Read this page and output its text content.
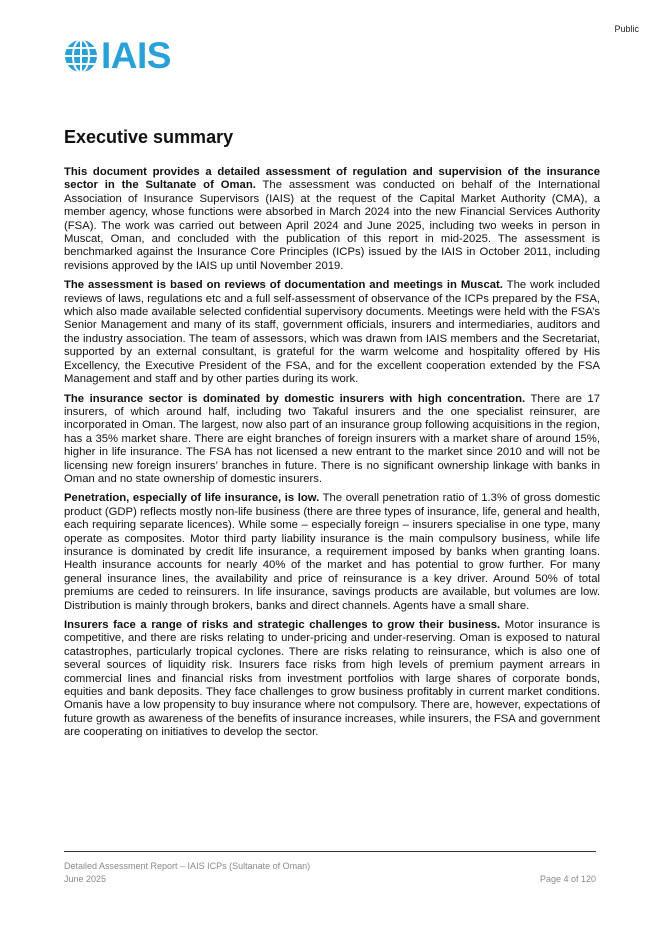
Public
IAIS
Executive summary

This document provides a detailed assessment of regulation and supervision of the insurance sector in the Sultanate of Oman. The assessment was conducted on behalf of the International Association of Insurance Supervisors (IAIS) at the request of the Capital Market Authority (CMA), a member agency, whose functions were absorbed in March 2024 into the new Financial Services Authority (FSA). The work was carried out between April 2024 and June 2025, including two weeks in person in Muscat, Oman, and concluded with the publication of this report in mid-2025. The assessment is benchmarked against the Insurance Core Principles (ICPs) issued by the IAIS in October 2011, including revisions approved by the IAIS up until November 2019.

The assessment is based on reviews of documentation and meetings in Muscat. The work included reviews of laws, regulations etc and a full self-assessment of observance of the ICPs prepared by the FSA, which also made available selected confidential supervisory documents. Meetings were held with the FSA’s Senior Management and many of its staff, government officials, insurers and intermediaries, auditors and the industry association. The team of assessors, which was drawn from IAIS members and the Secretariat, supported by an external consultant, is grateful for the warm welcome and hospitality offered by His Excellency, the Executive President of the FSA, and for the excellent cooperation extended by the FSA Management and staff and by other parties during its work.

The insurance sector is dominated by domestic insurers with high concentration. There are 17 insurers, of which around half, including two Takaful insurers and the one specialist reinsurer, are incorporated in Oman. The largest, now also part of an insurance group following acquisitions in the region, has a 35% market share. There are eight branches of foreign insurers with a market share of around 15%, higher in life insurance. The FSA has not licensed a new entrant to the market since 2010 and will not be licensing new foreign insurers’ branches in future. There is no significant ownership linkage with banks in Oman and no state ownership of domestic insurers.

Penetration, especially of life insurance, is low. The overall penetration ratio of 1.3% of gross domestic product (GDP) reflects mostly non-life business (there are three types of insurance, life, general and health, each requiring separate licences). While some – especially foreign – insurers specialise in one type, many operate as composites. Motor third party liability insurance is the main compulsory business, while life insurance is dominated by credit life insurance, a requirement imposed by banks when granting loans. Health insurance accounts for nearly 40% of the market and has potential to grow further. For many general insurance lines, the availability and price of reinsurance is a key driver. Around 50% of total premiums are ceded to reinsurers. In life insurance, savings products are available, but volumes are low. Distribution is mainly through brokers, banks and direct channels. Agents have a small share.

Insurers face a range of risks and strategic challenges to grow their business. Motor insurance is competitive, and there are risks relating to under-pricing and under-reserving. Oman is exposed to natural catastrophes, particularly tropical cyclones. There are risks relating to reinsurance, which is also one of several sources of liquidity risk. Insurers face risks from high levels of premium payment arrears in commercial lines and financial risks from investment portfolios with large shares of corporate bonds, equities and bank deposits. They face challenges to grow business profitably in current market conditions. Omanis have a low propensity to buy insurance where not compulsory. There are, however, expectations of future growth as awareness of the benefits of insurance increases, while insurers, the FSA and government are cooperating on initiatives to develop the sector.

Detailed Assessment Report – IAIS ICPs (Sultanate of Oman)
June 2025	Page 4 of 120
